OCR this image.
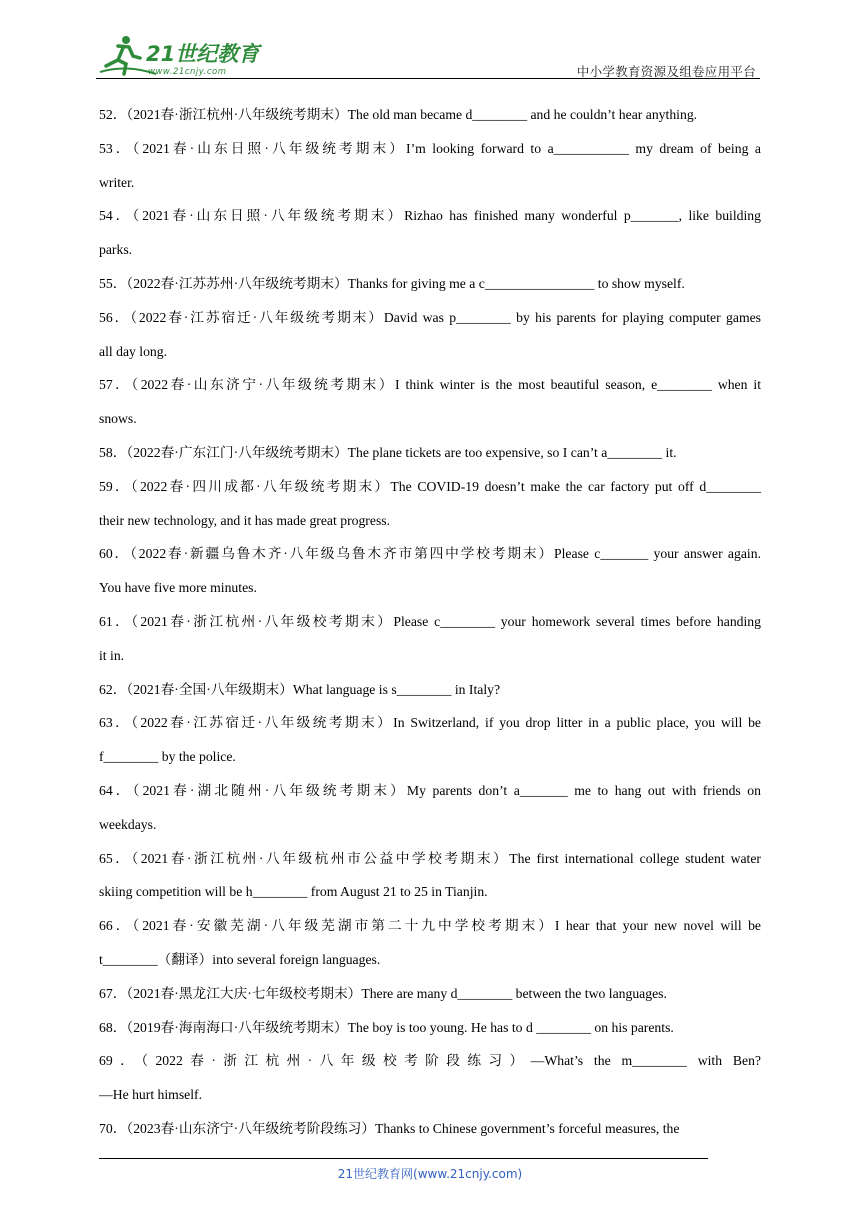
21世纪教育
www.21cnjy.com	中小学教育资源及组卷应用平台
52．（2021春·浙江杭州·八年级统考期末）The old man became d________ and he couldn’t hear anything.
53．（2021春·山东日照·八年级统考期末）I’m looking forward to a___________ my dream of being a
writer.
54．（2021春·山东日照·八年级统考期末）Rizhao has finished many wonderful p_______, like building
parks.
55．（2022春·江苏苏州·八年级统考期末）Thanks for giving me a c________________ to show myself.
56．（2022春·江苏宿迁·八年级统考期末）David was p________ by his parents for playing computer games
all day long.
57．（2022春·山东济宁·八年级统考期末）I think winter is the most beautiful season, e________ when it
snows.
58．（2022春·广东江门·八年级统考期末）The plane tickets are too expensive, so I can’t a________ it.
59．（2022春·四川成都·八年级统考期末）The COVID-19 doesn’t make the car factory put off d________
their new technology, and it has made great progress.
60．（2022春·新疆乌鲁木齐·八年级乌鲁木齐市第四中学校考期末）Please c_______ your answer again.
You have five more minutes.
61．（2021春·浙江杭州·八年级校考期末）Please c________ your homework several times before handing
it in.
62．（2021春·全国·八年级期末）What language is s________ in Italy?
63．（2022春·江苏宿迁·八年级统考期末）In Switzerland, if you drop litter in a public place, you will be
f________ by the police.
64．（2021春·湖北随州·八年级统考期末）My parents don’t a_______ me to hang out with friends on
weekdays.
65．（2021春·浙江杭州·八年级杭州市公益中学校考期末）The first international college student water
skiing competition will be h________ from August 21 to 25 in Tianjin.
66．（2021春·安徽芜湖·八年级芜湖市第二十九中学校考期末）I hear that your new novel will be
t________（翻译）into several foreign languages.
67．（2021春·黑龙江大庆·七年级校考期末）There are many d________ between the two languages.
68．（2019春·海南海口·八年级统考期末）The boy is too young. He has to d ________ on his parents.
69．（2022春·浙江杭州·八年级校考阶段练习）—What’s the m________ with Ben?
—He hurt himself.
70．（2023春·山东济宁·八年级统考阶段练习）Thanks to Chinese government’s forceful measures, the
21世纪教育网(www.21cnjy.com)
